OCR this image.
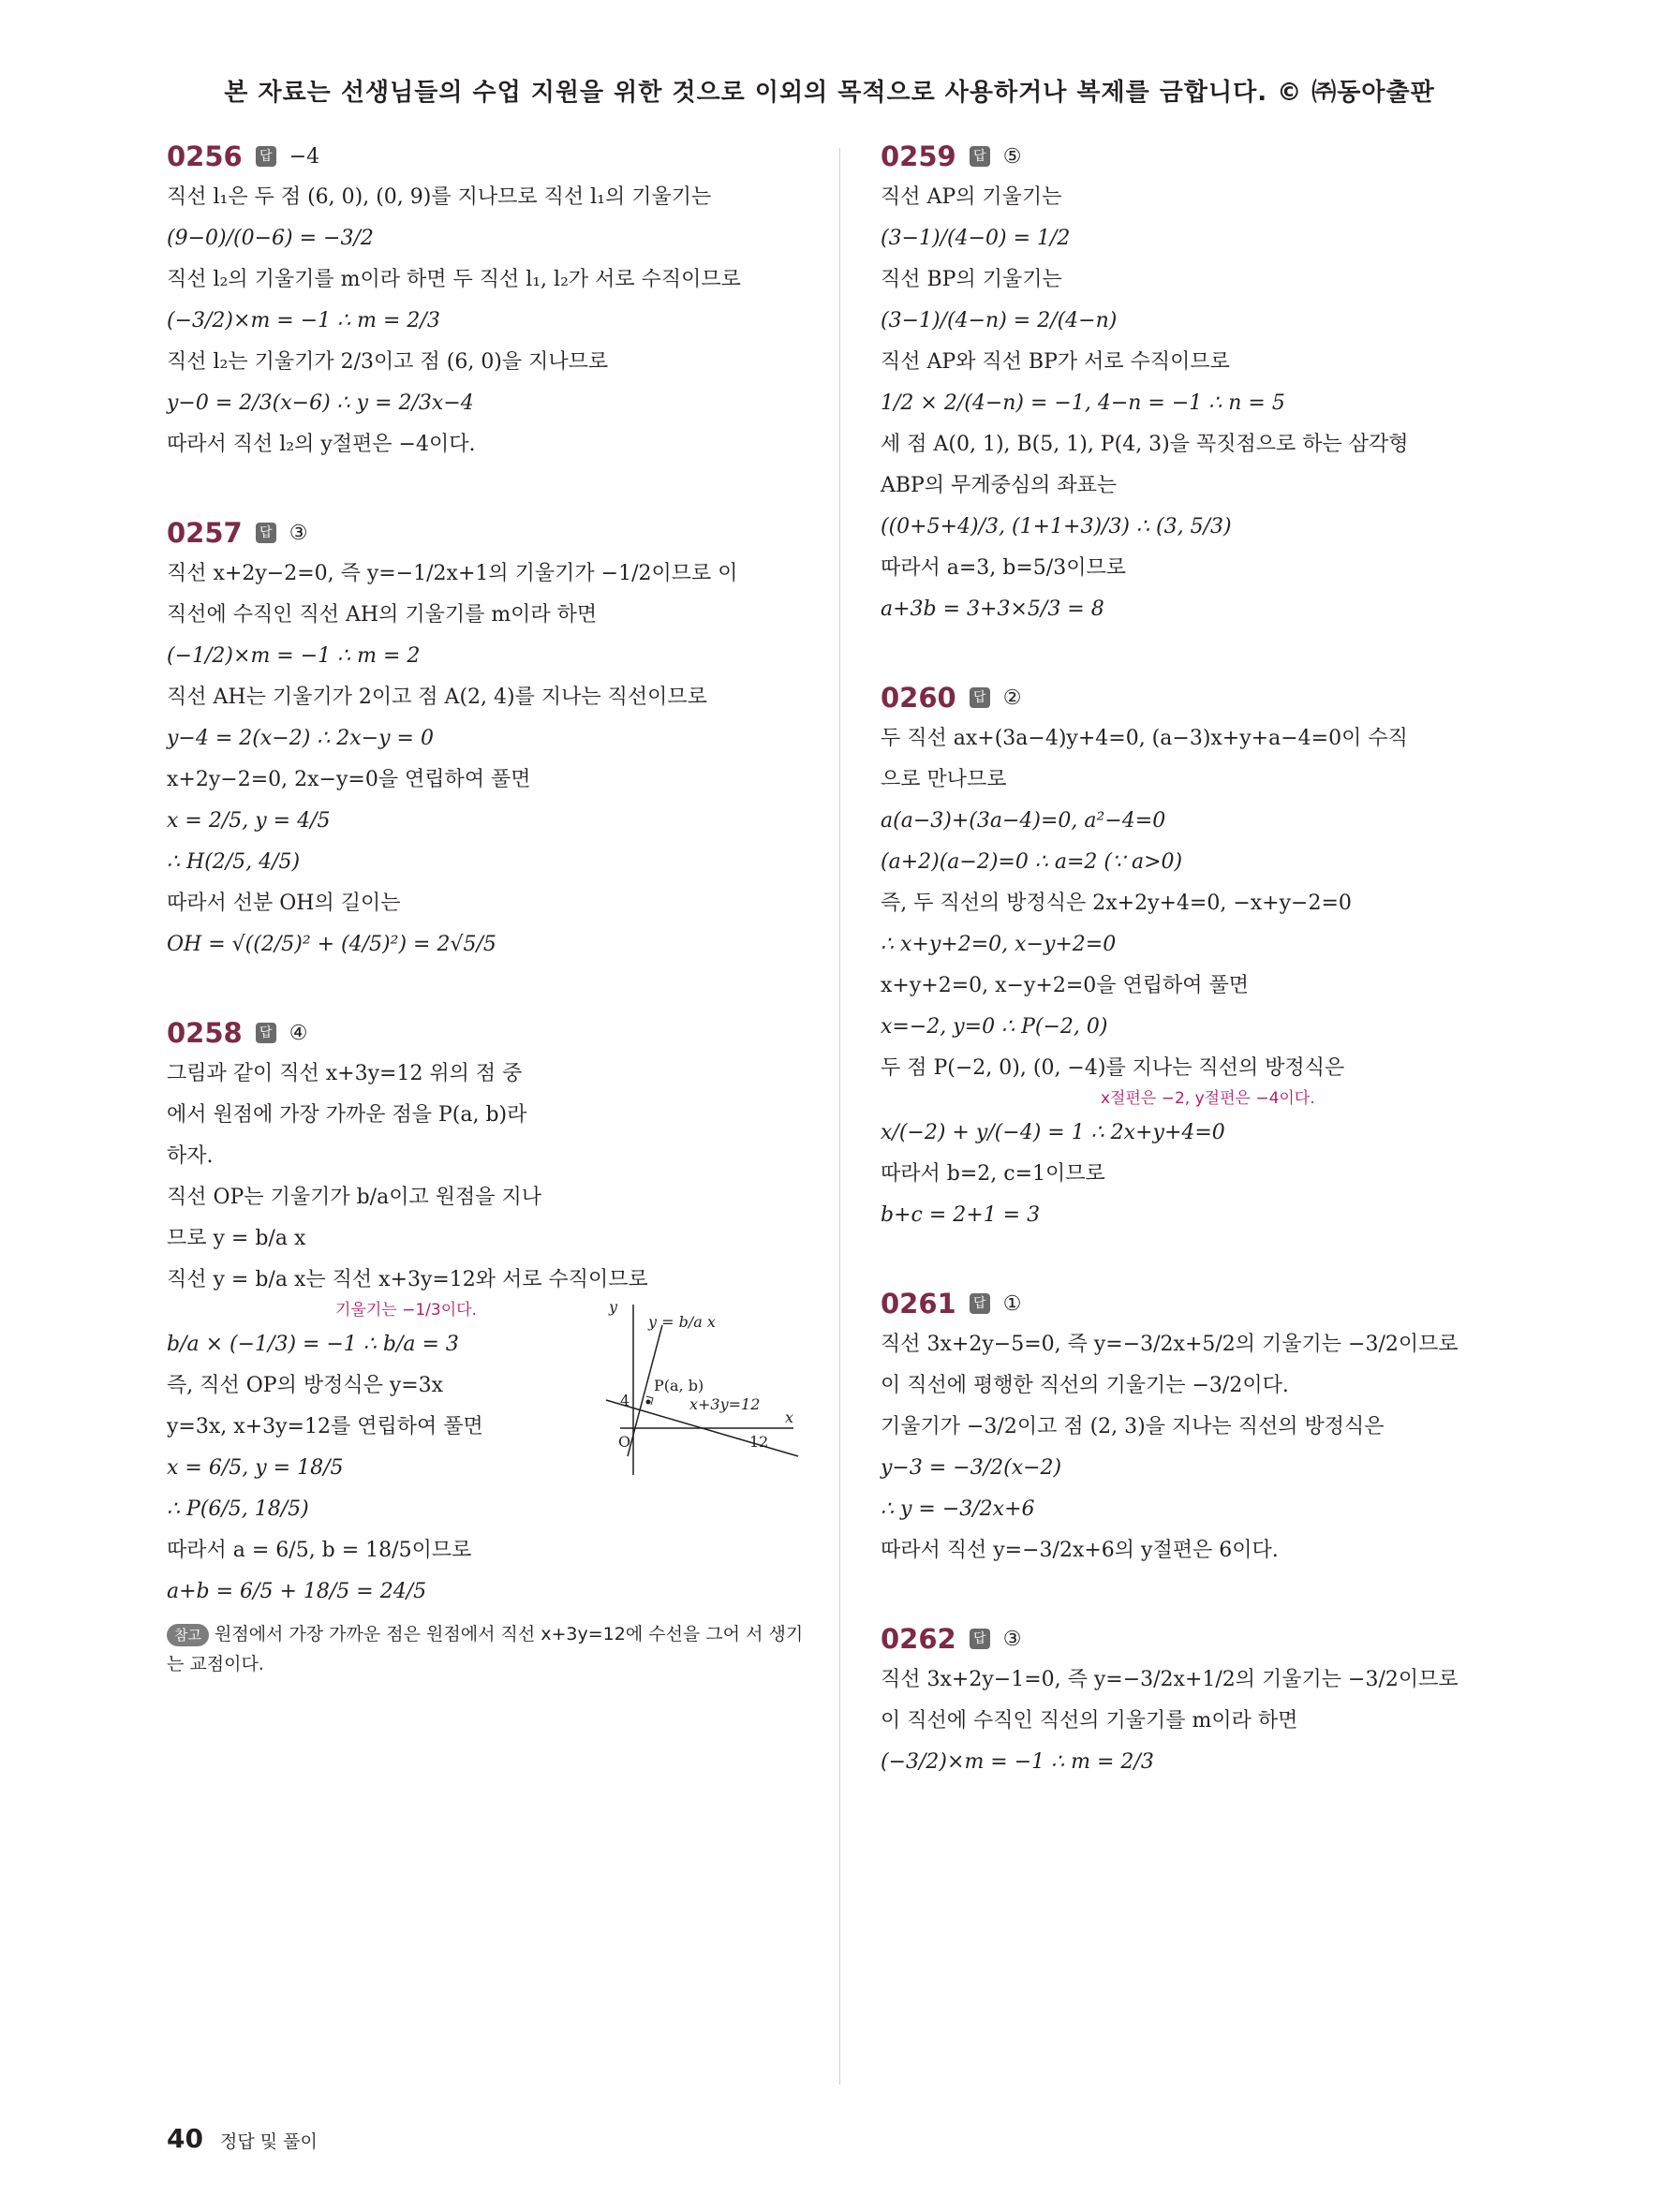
본 자료는 선생님들의 수업 지원을 위한 것으로 이외의 목적으로 사용하거나 복제를 금합니다. © ㈜동아출판
0256	답 −4

직선 l₁은 두 점 (6, 0), (0, 9)를 지나므로 직선 l₁의 기울기는

(9−0)/(0−6) = −3/2

직선 l₂의 기울기를 m이라 하면 두 직선 l₁, l₂가 서로 수직이므로

(−3/2)×m = −1 ∴ m = 2/3

직선 l₂는 기울기가 2/3이고 점 (6, 0)을 지나므로

y−0 = 2/3(x−6) ∴ y = 2/3x−4

따라서 직선 l₂의 y절편은 −4이다.

0257	답 ③

직선 x+2y−2=0, 즉 y=−1/2x+1의 기울기가 −1/2이므로 이

직선에 수직인 직선 AH의 기울기를 m이라 하면

(−1/2)×m = −1 ∴ m = 2

직선 AH는 기울기가 2이고 점 A(2, 4)를 지나는 직선이므로

y−4 = 2(x−2) ∴ 2x−y = 0

x+2y−2=0, 2x−y=0을 연립하여 풀면

x = 2/5, y = 4/5

∴ H(2/5, 4/5)

따라서 선분 OH의 길이는

OH = √((2/5)² + (4/5)²) = 2√5/5

0258	답 ④

그림과 같이 직선 x+3y=12 위의 점 중

에서 원점에 가장 가까운 점을 P(a, b)라

하자.

직선 OP는 기울기가 b/a이고 원점을 지나

므로 y = b/a x

직선 y = b/a x는 직선 x+3y=12와 서로 수직이므로

기울기는 −1/3이다.

b/a × (−1/3) = −1 ∴ b/a = 3

즉, 직선 OP의 방정식은 y=3x

y=3x, x+3y=12를 연립하여 풀면

x = 6/5, y = 18/5

∴ P(6/5, 18/5)

따라서 a = 6/5, b = 18/5이므로

a+b = 6/5 + 18/5 = 24/5

참고 원점에서 가장 가까운 점은 원점에서 직선 x+3y=12에 수선을 그어 서 생기는 교점이다.
y
x
O
4
12
P(a, b)
y = b/a x
x+3y=12
0259	답 ⑤

직선 AP의 기울기는

(3−1)/(4−0) = 1/2

직선 BP의 기울기는

(3−1)/(4−n) = 2/(4−n)

직선 AP와 직선 BP가 서로 수직이므로

1/2 × 2/(4−n) = −1, 4−n = −1 ∴ n = 5

세 점 A(0, 1), B(5, 1), P(4, 3)을 꼭짓점으로 하는 삼각형

ABP의 무게중심의 좌표는

((0+5+4)/3, (1+1+3)/3) ∴ (3, 5/3)

따라서 a=3, b=5/3이므로

a+3b = 3+3×5/3 = 8

0260	답 ②

두 직선 ax+(3a−4)y+4=0, (a−3)x+y+a−4=0이 수직

으로 만나므로

a(a−3)+(3a−4)=0, a²−4=0

(a+2)(a−2)=0 ∴ a=2 (∵ a>0)

즉, 두 직선의 방정식은 2x+2y+4=0, −x+y−2=0

∴ x+y+2=0, x−y+2=0

x+y+2=0, x−y+2=0을 연립하여 풀면

x=−2, y=0 ∴ P(−2, 0)

두 점 P(−2, 0), (0, −4)를 지나는 직선의 방정식은

x절편은 −2, y절편은 −4이다.

x/(−2) + y/(−4) = 1 ∴ 2x+y+4=0

따라서 b=2, c=1이므로

b+c = 2+1 = 3

0261	답 ①

직선 3x+2y−5=0, 즉 y=−3/2x+5/2의 기울기는 −3/2이므로

이 직선에 평행한 직선의 기울기는 −3/2이다.

기울기가 −3/2이고 점 (2, 3)을 지나는 직선의 방정식은

y−3 = −3/2(x−2)

∴ y = −3/2x+6

따라서 직선 y=−3/2x+6의 y절편은 6이다.

0262	답 ③

직선 3x+2y−1=0, 즉 y=−3/2x+1/2의 기울기는 −3/2이므로

이 직선에 수직인 직선의 기울기를 m이라 하면

(−3/2)×m = −1 ∴ m = 2/3

40 정답 및 풀이
